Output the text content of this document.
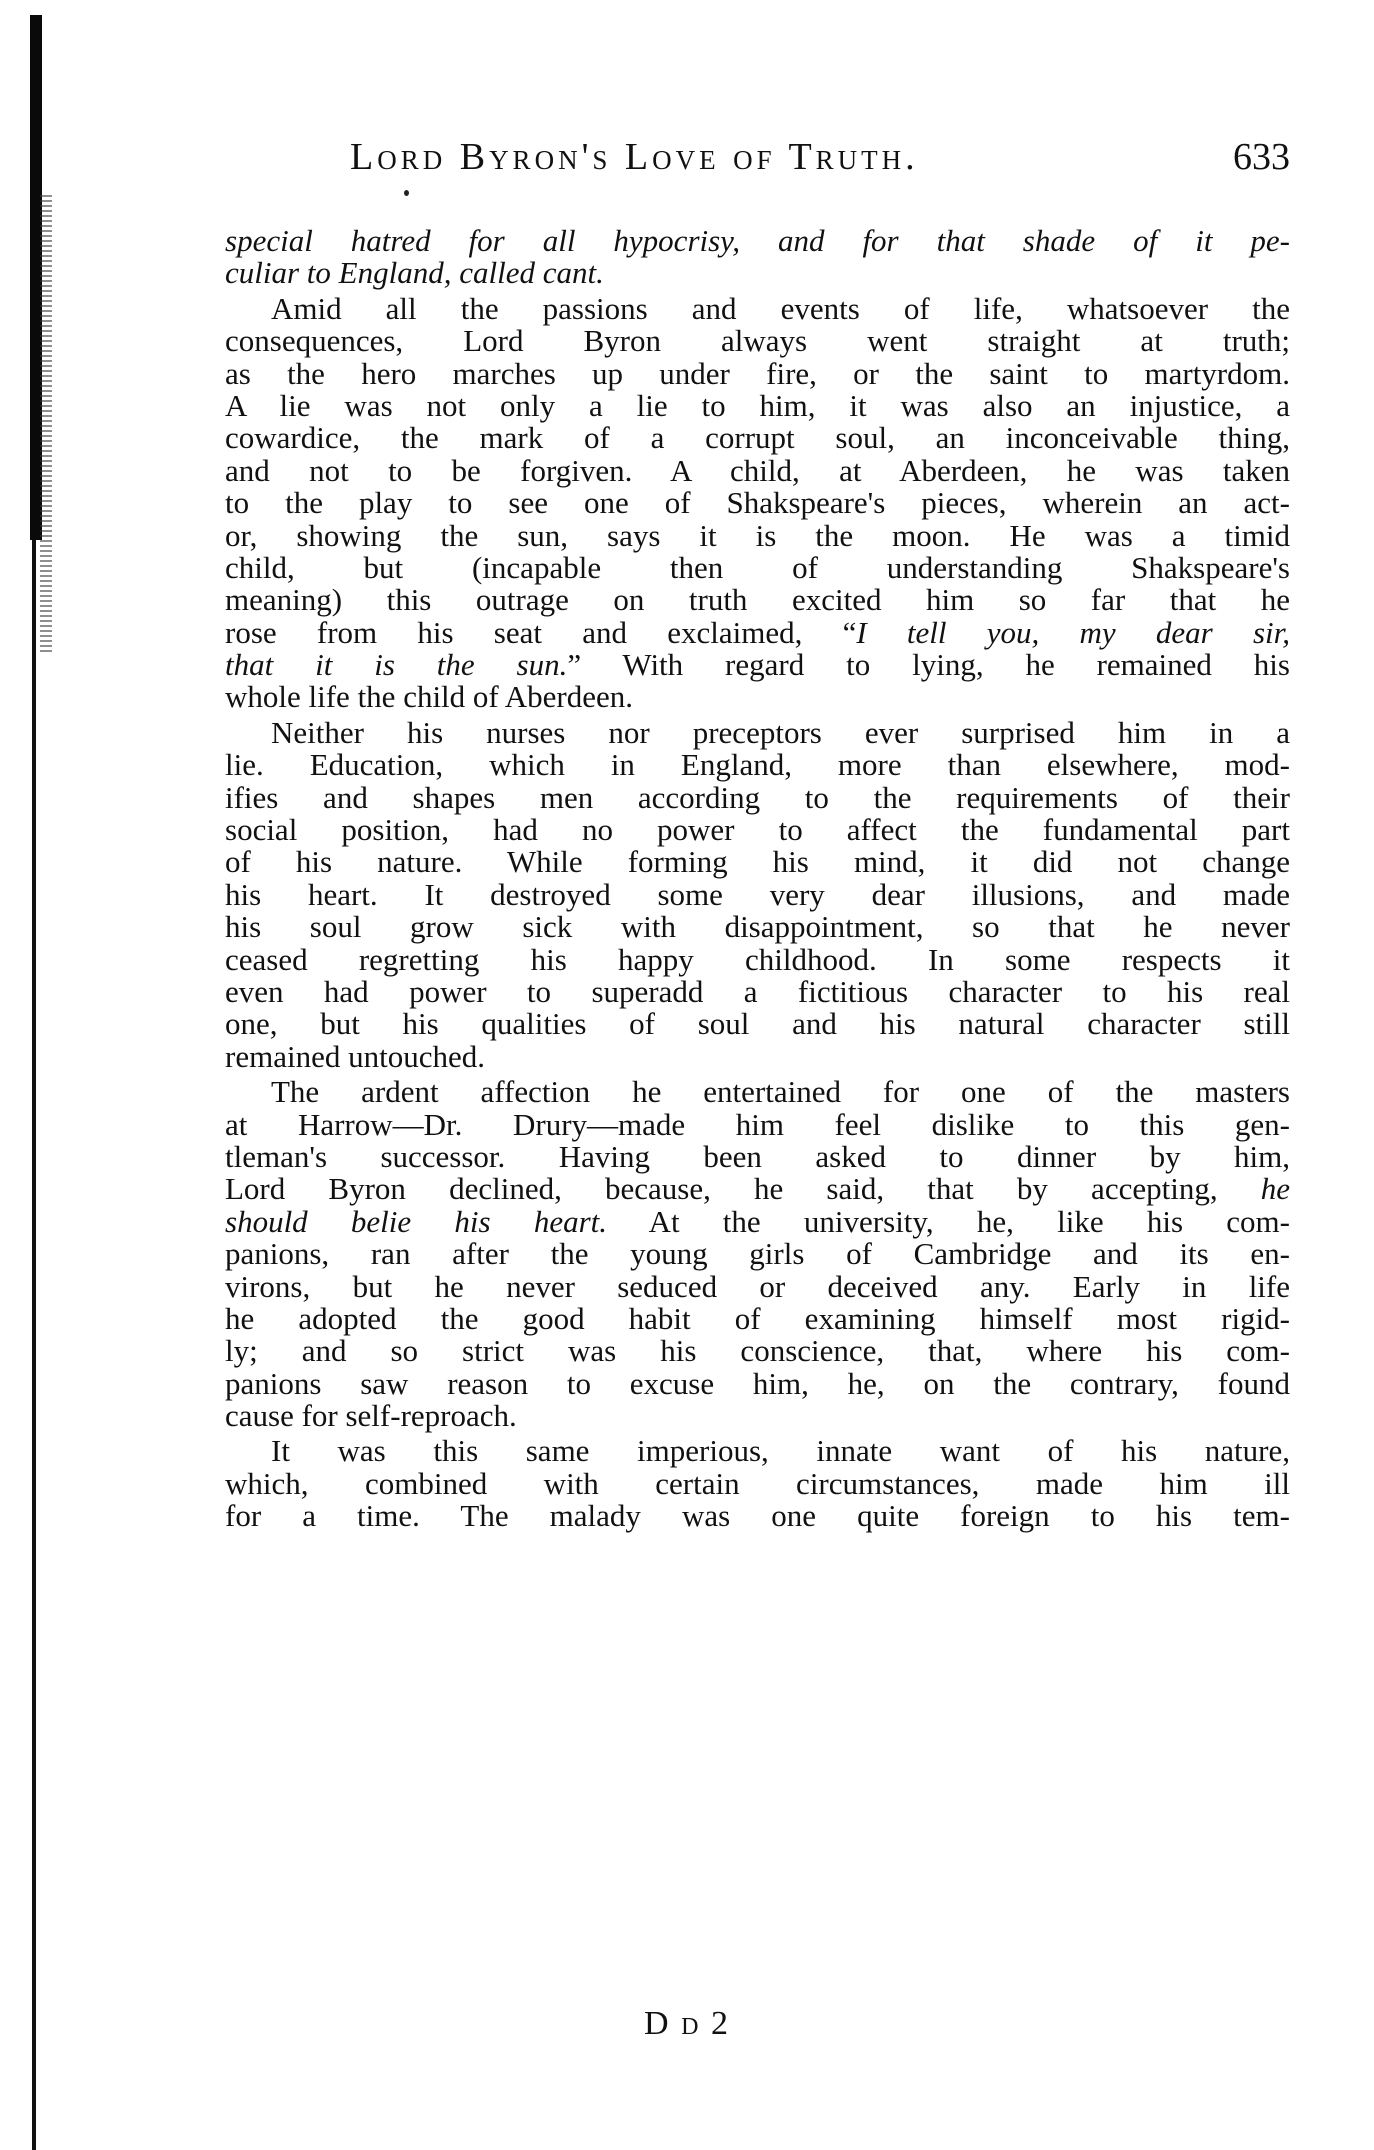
Lord Byron's Love of Truth.	633
special hatred for all hypocrisy, and for that shade of it pe-
culiar to England, called cant.
Amid all the passions and events of life, whatsoever the
consequences, Lord Byron always went straight at truth;
as the hero marches up under fire, or the saint to martyrdom.
A lie was not only a lie to him, it was also an injustice, a
cowardice, the mark of a corrupt soul, an inconceivable thing,
and not to be forgiven. A child, at Aberdeen, he was taken
to the play to see one of Shakspeare's pieces, wherein an act-
or, showing the sun, says it is the moon. He was a timid
child, but (incapable then of understanding Shakspeare's
meaning) this outrage on truth excited him so far that he
rose from his seat and exclaimed, “I tell you, my dear sir,
that it is the sun.” With regard to lying, he remained his
whole life the child of Aberdeen.
Neither his nurses nor preceptors ever surprised him in a
lie. Education, which in England, more than elsewhere, mod-
ifies and shapes men according to the requirements of their
social position, had no power to affect the fundamental part
of his nature. While forming his mind, it did not change
his heart. It destroyed some very dear illusions, and made
his soul grow sick with disappointment, so that he never
ceased regretting his happy childhood. In some respects it
even had power to superadd a fictitious character to his real
one, but his qualities of soul and his natural character still
remained untouched.
The ardent affection he entertained for one of the masters
at Harrow—Dr. Drury—made him feel dislike to this gen-
tleman's successor. Having been asked to dinner by him,
Lord Byron declined, because, he said, that by accepting, he
should belie his heart. At the university, he, like his com-
panions, ran after the young girls of Cambridge and its en-
virons, but he never seduced or deceived any. Early in life
he adopted the good habit of examining himself most rigid-
ly; and so strict was his conscience, that, where his com-
panions saw reason to excuse him, he, on the contrary, found
cause for self-reproach.
It was this same imperious, innate want of his nature,
which, combined with certain circumstances, made him ill
for a time. The malady was one quite foreign to his tem-
D D 2
